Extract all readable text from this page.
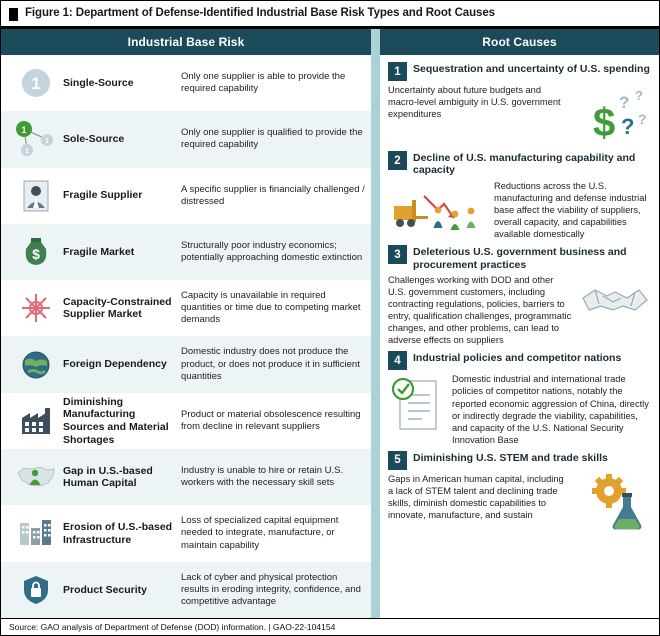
Figure 1: Department of Defense-Identified Industrial Base Risk Types and Root Causes
Industrial Base Risk
1 Single-Source
Only one supplier is able to provide the required capability
1
1
1
Sole-Source
Only one supplier is qualified to provide the required capability
Fragile Supplier
A specific supplier is financially challenged / distressed
$ Fragile Market
Structurally poor industry economics; potentially approaching domestic extinction
Capacity-Constrained Supplier Market
Capacity is unavailable in required quantities or time due to competing market demands
Foreign Dependency
Domestic industry does not produce the product, or does not produce it in sufficient quantities
Diminishing Manufacturing Sources and Material Shortages
Product or material obsolescence resulting from decline in relevant suppliers
Gap in U.S.-based Human Capital
Industry is unable to hire or retain U.S. workers with the necessary skill sets
Erosion of U.S.-based Infrastructure
Loss of specialized capital equipment needed to integrate, manufacture, or maintain capability
Product Security
Lack of cyber and physical protection results in eroding integrity, confidence, and competitive advantage
Root Causes
1	Sequestration and uncertainty of U.S. spending
Uncertainty about future budgets and macro-level ambiguity in U.S. government expenditures	$ ? ?
? ?
2	Decline of U.S. manufacturing capability and capacity
Reductions across the U.S. manufacturing and defense industrial base affect the viability of suppliers, overall capacity, and capabilities available domestically
3	Deleterious U.S. government business and procurement practices
Challenges working with DOD and other U.S. government customers, including contracting regulations, policies, barriers to entry, qualification challenges, programmatic changes, and other problems, can lead to adverse effects on suppliers
4	Industrial policies and competitor nations
Domestic industrial and international trade policies of competitor nations, notably the reported economic aggression of China, directly or indirectly degrade the viability, capabilities, and capacity of the U.S. National Security Innovation Base
5	Diminishing U.S. STEM and trade skills
Gaps in American human capital, including a lack of STEM talent and declining trade skills, diminish domestic capabilities to innovate, manufacture, and sustain
Source: GAO analysis of Department of Defense (DOD) information. | GAO-22-104154
